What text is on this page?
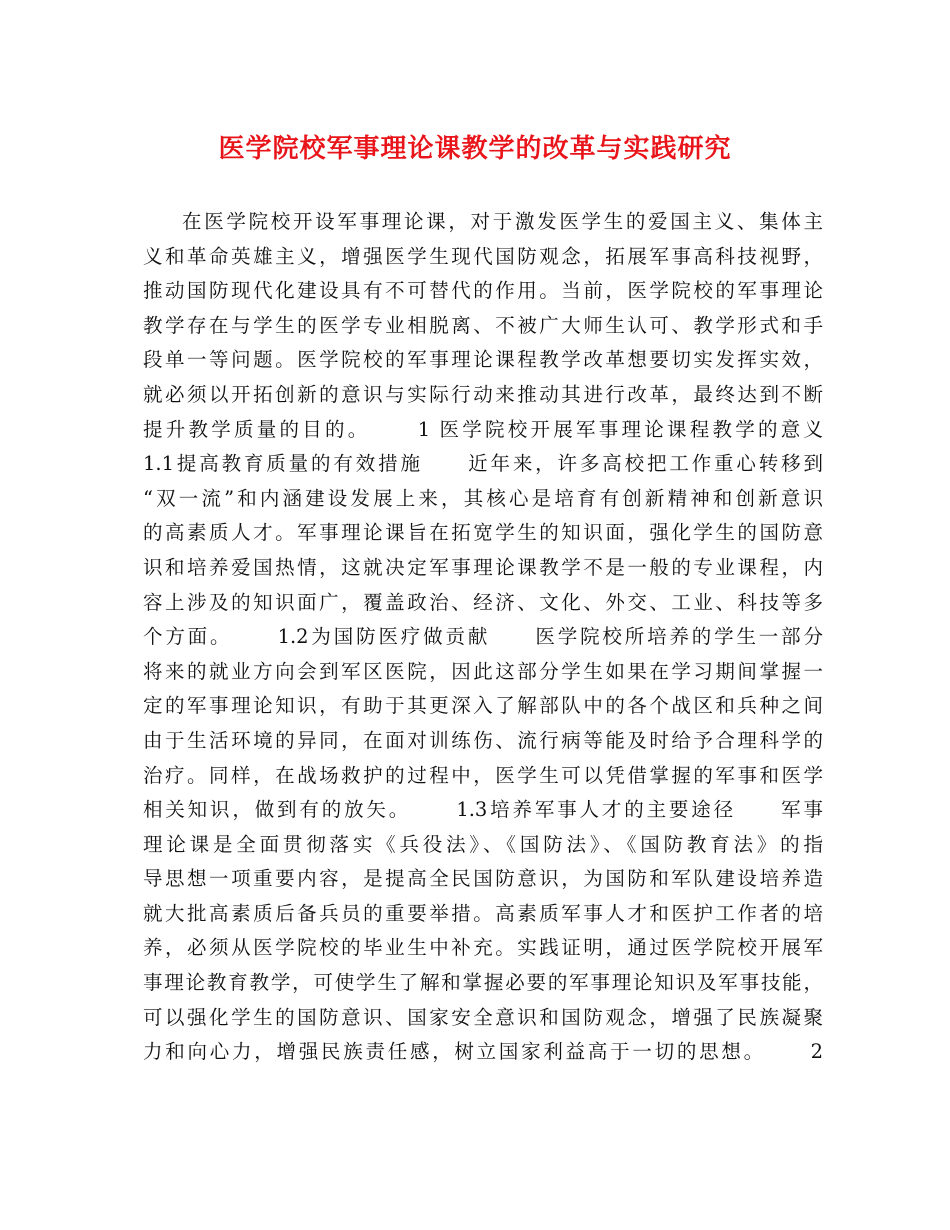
医学院校军事理论课教学的改革与实践研究
在医学院校开设军事理论课，对于激发医学生的爱国主义、集体主
义和革命英雄主义，增强医学生现代国防观念，拓展军事高科技视野，
推动国防现代化建设具有不可替代的作用。当前，医学院校的军事理论
教学存在与学生的医学专业相脱离、不被广大师生认可、教学形式和手
段单一等问题。医学院校的军事理论课程教学改革想要切实发挥实效，
就必须以开拓创新的意识与实际行动来推动其进行改革，最终达到不断
提升教学质量的目的。     1 医学院校开展军事理论课程教学的意义
1.1提高教育质量的有效措施     近年来，许多高校把工作重心转移到
“双一流”和内涵建设发展上来，其核心是培育有创新精神和创新意识
的高素质人才。军事理论课旨在拓宽学生的知识面，强化学生的国防意
识和培养爱国热情，这就决定军事理论课教学不是一般的专业课程，内
容上涉及的知识面广，覆盖政治、经济、文化、外交、工业、科技等多
个方面。     1.2为国防医疗做贡献     医学院校所培养的学生一部分
将来的就业方向会到军区医院，因此这部分学生如果在学习期间掌握一
定的军事理论知识，有助于其更深入了解部队中的各个战区和兵种之间
由于生活环境的异同，在面对训练伤、流行病等能及时给予合理科学的
治疗。同样，在战场救护的过程中，医学生可以凭借掌握的军事和医学
相关知识，做到有的放矢。     1.3培养军事人才的主要途径     军事
理论课是全面贯彻落实《兵役法》、《国防法》、《国防教育法》的指
导思想一项重要内容，是提高全民国防意识，为国防和军队建设培养造
就大批高素质后备兵员的重要举措。高素质军事人才和医护工作者的培
养，必须从医学院校的毕业生中补充。实践证明，通过医学院校开展军
事理论教育教学，可使学生了解和掌握必要的军事理论知识及军事技能，
可以强化学生的国防意识、国家安全意识和国防观念，增强了民族凝聚
力和向心力，增强民族责任感，树立国家利益高于一切的思想。     2
